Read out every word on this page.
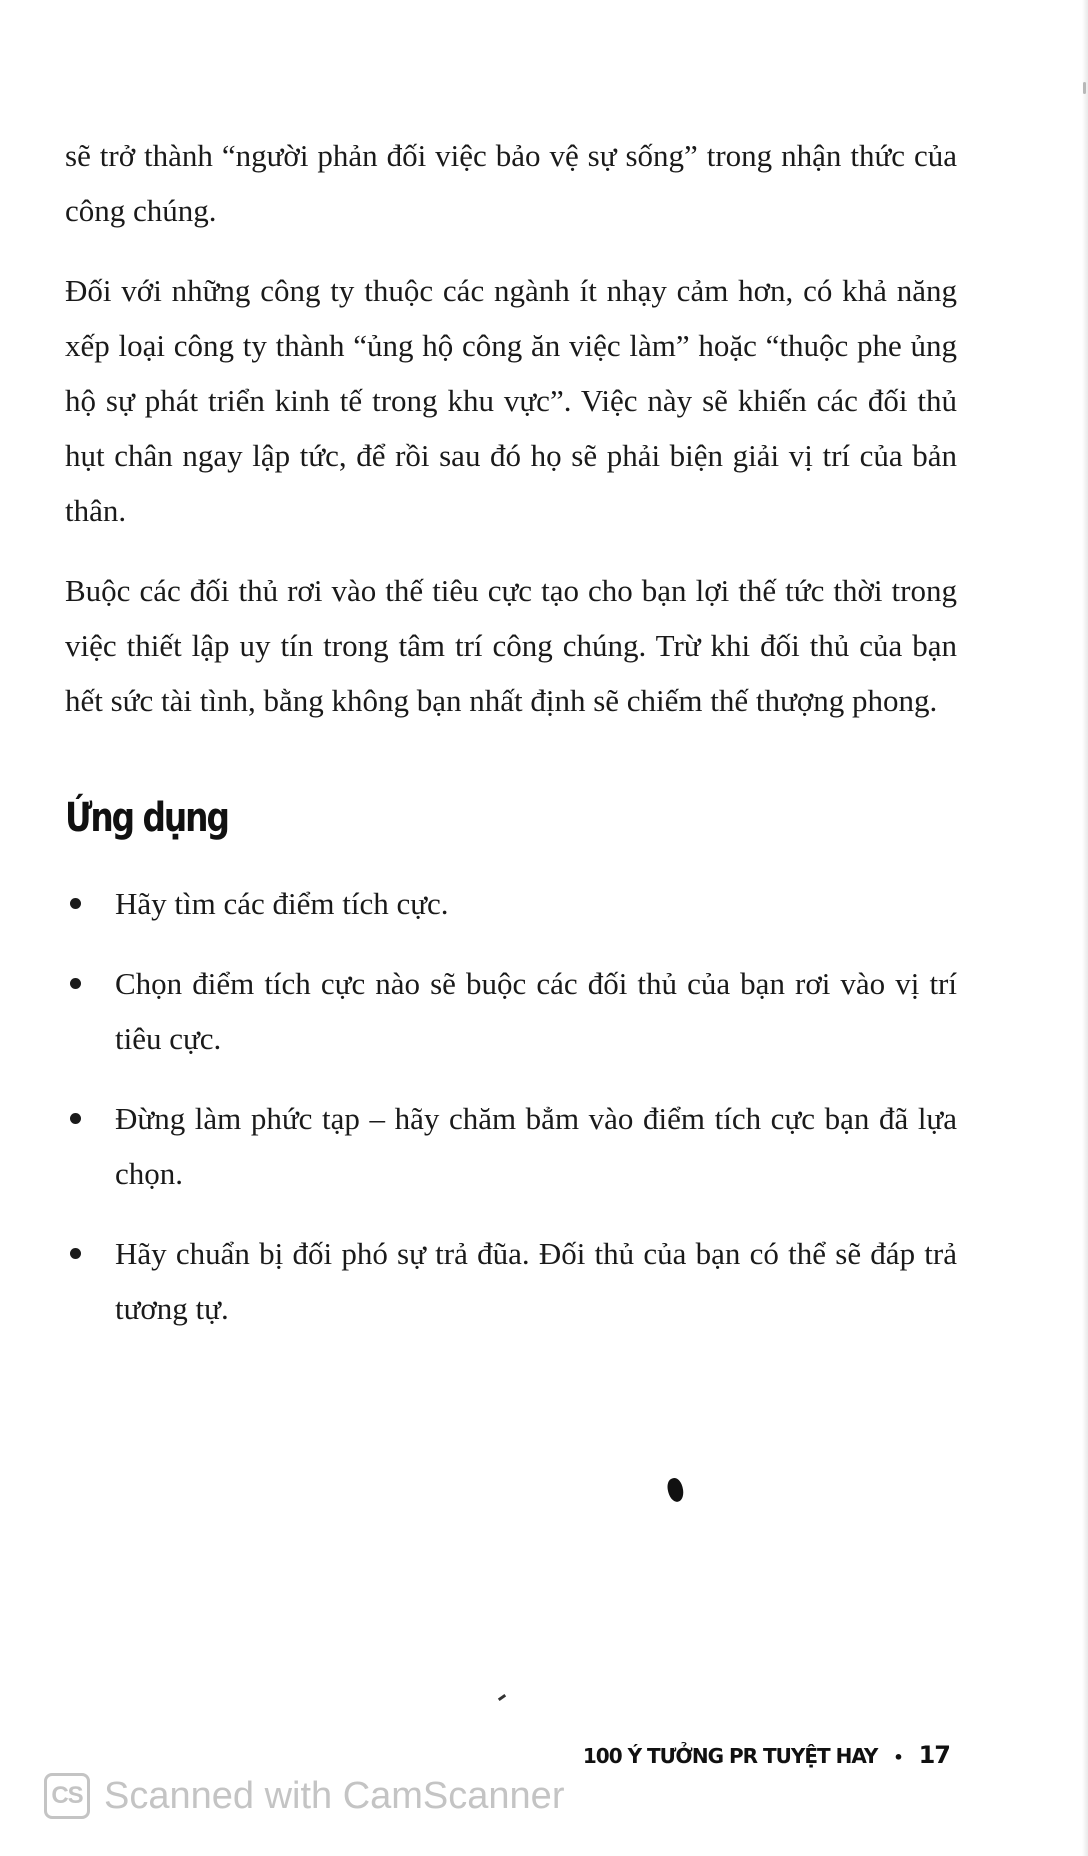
sẽ trở thành “người phản đối việc bảo vệ sự sống” trong nhận thức của công chúng.

Đối với những công ty thuộc các ngành ít nhạy cảm hơn, có khả năng xếp loại công ty thành “ủng hộ công ăn việc làm” hoặc “thuộc phe ủng hộ sự phát triển kinh tế trong khu vực”. Việc này sẽ khiến các đối thủ hụt chân ngay lập tức, để rồi sau đó họ sẽ phải biện giải vị trí của bản thân.

Buộc các đối thủ rơi vào thế tiêu cực tạo cho bạn lợi thế tức thời trong việc thiết lập uy tín trong tâm trí công chúng. Trừ khi đối thủ của bạn hết sức tài tình, bằng không bạn nhất định sẽ chiếm thế thượng phong.

Ứng dụng
Hãy tìm các điểm tích cực.
Chọn điểm tích cực nào sẽ buộc các đối thủ của bạn rơi vào vị trí tiêu cực.
Đừng làm phức tạp – hãy chăm bẳm vào điểm tích cực bạn đã lựa chọn.
Hãy chuẩn bị đối phó sự trả đũa. Đối thủ của bạn có thể sẽ đáp trả tương tự.
100 Ý TƯỞNG PR TUYỆT HAY • 17
CS Scanned with CamScanner
